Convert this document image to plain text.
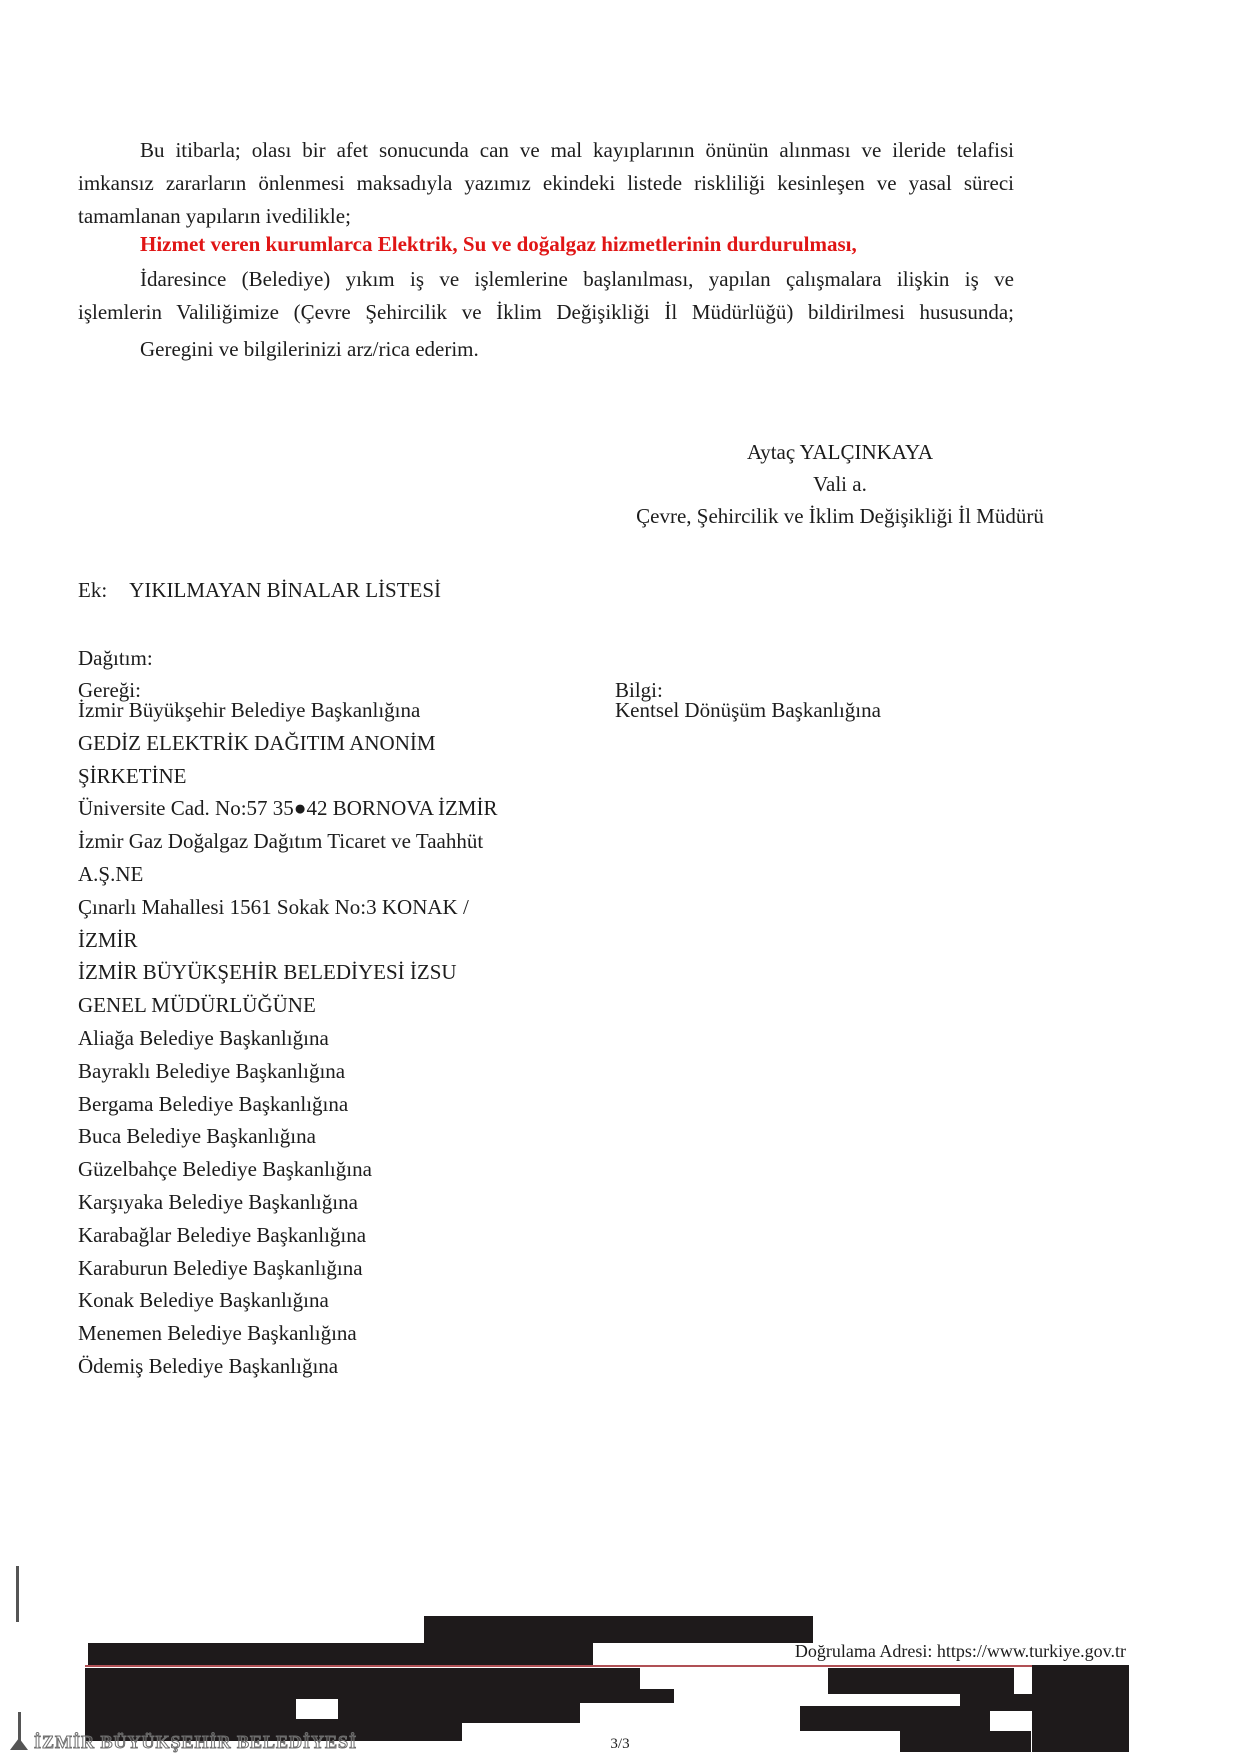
Bu itibarla; olası bir afet sonucunda can ve mal kayıplarının önünün alınması ve ileride telafisi
imkansız zararların önlenmesi maksadıyla yazımız ekindeki listede riskliliği kesinleşen ve yasal süreci
tamamlanan yapıların ivedilikle;
Hizmet veren kurumlarca Elektrik, Su ve doğalgaz hizmetlerinin durdurulması,
İdaresince (Belediye) yıkım iş ve işlemlerine başlanılması, yapılan çalışmalara ilişkin iş ve
işlemlerin Valiliğimize (Çevre Şehircilik ve İklim Değişikliği İl Müdürlüğü) bildirilmesi hususunda;
Geregini ve bilgilerinizi arz/rica ederim.
Aytaç YALÇINKAYA
Vali a.
Çevre, Şehircilik ve İklim Değişikliği İl Müdürü
Ek: YIKILMAYAN BİNALAR LİSTESİ
Dağıtım:
Gereği:	Bilgi:
İzmir Büyükşehir Belediye Başkanlığına
GEDİZ ELEKTRİK DAĞITIM ANONİM
ŞİRKETİNE
Üniversite Cad. No:57 35●42 BORNOVA İZMİR
İzmir Gaz Doğalgaz Dağıtım Ticaret ve Taahhüt
A.Ş.NE
Çınarlı Mahallesi 1561 Sokak No:3 KONAK /
İZMİR
İZMİR BÜYÜKŞEHİR BELEDİYESİ İZSU
GENEL MÜDÜRLÜĞÜNE
Aliağa Belediye Başkanlığına
Bayraklı Belediye Başkanlığına
Bergama Belediye Başkanlığına
Buca Belediye Başkanlığına
Güzelbahçe Belediye Başkanlığına
Karşıyaka Belediye Başkanlığına
Karabağlar Belediye Başkanlığına
Karaburun Belediye Başkanlığına
Konak Belediye Başkanlığına
Menemen Belediye Başkanlığına
Ödemiş Belediye Başkanlığına
Kentsel Dönüşüm Başkanlığına
Doğrulama Adresi: https://www.turkiye.gov.tr
3/3
İZMİR BÜYÜKŞEHİR BELEDİYESİ
